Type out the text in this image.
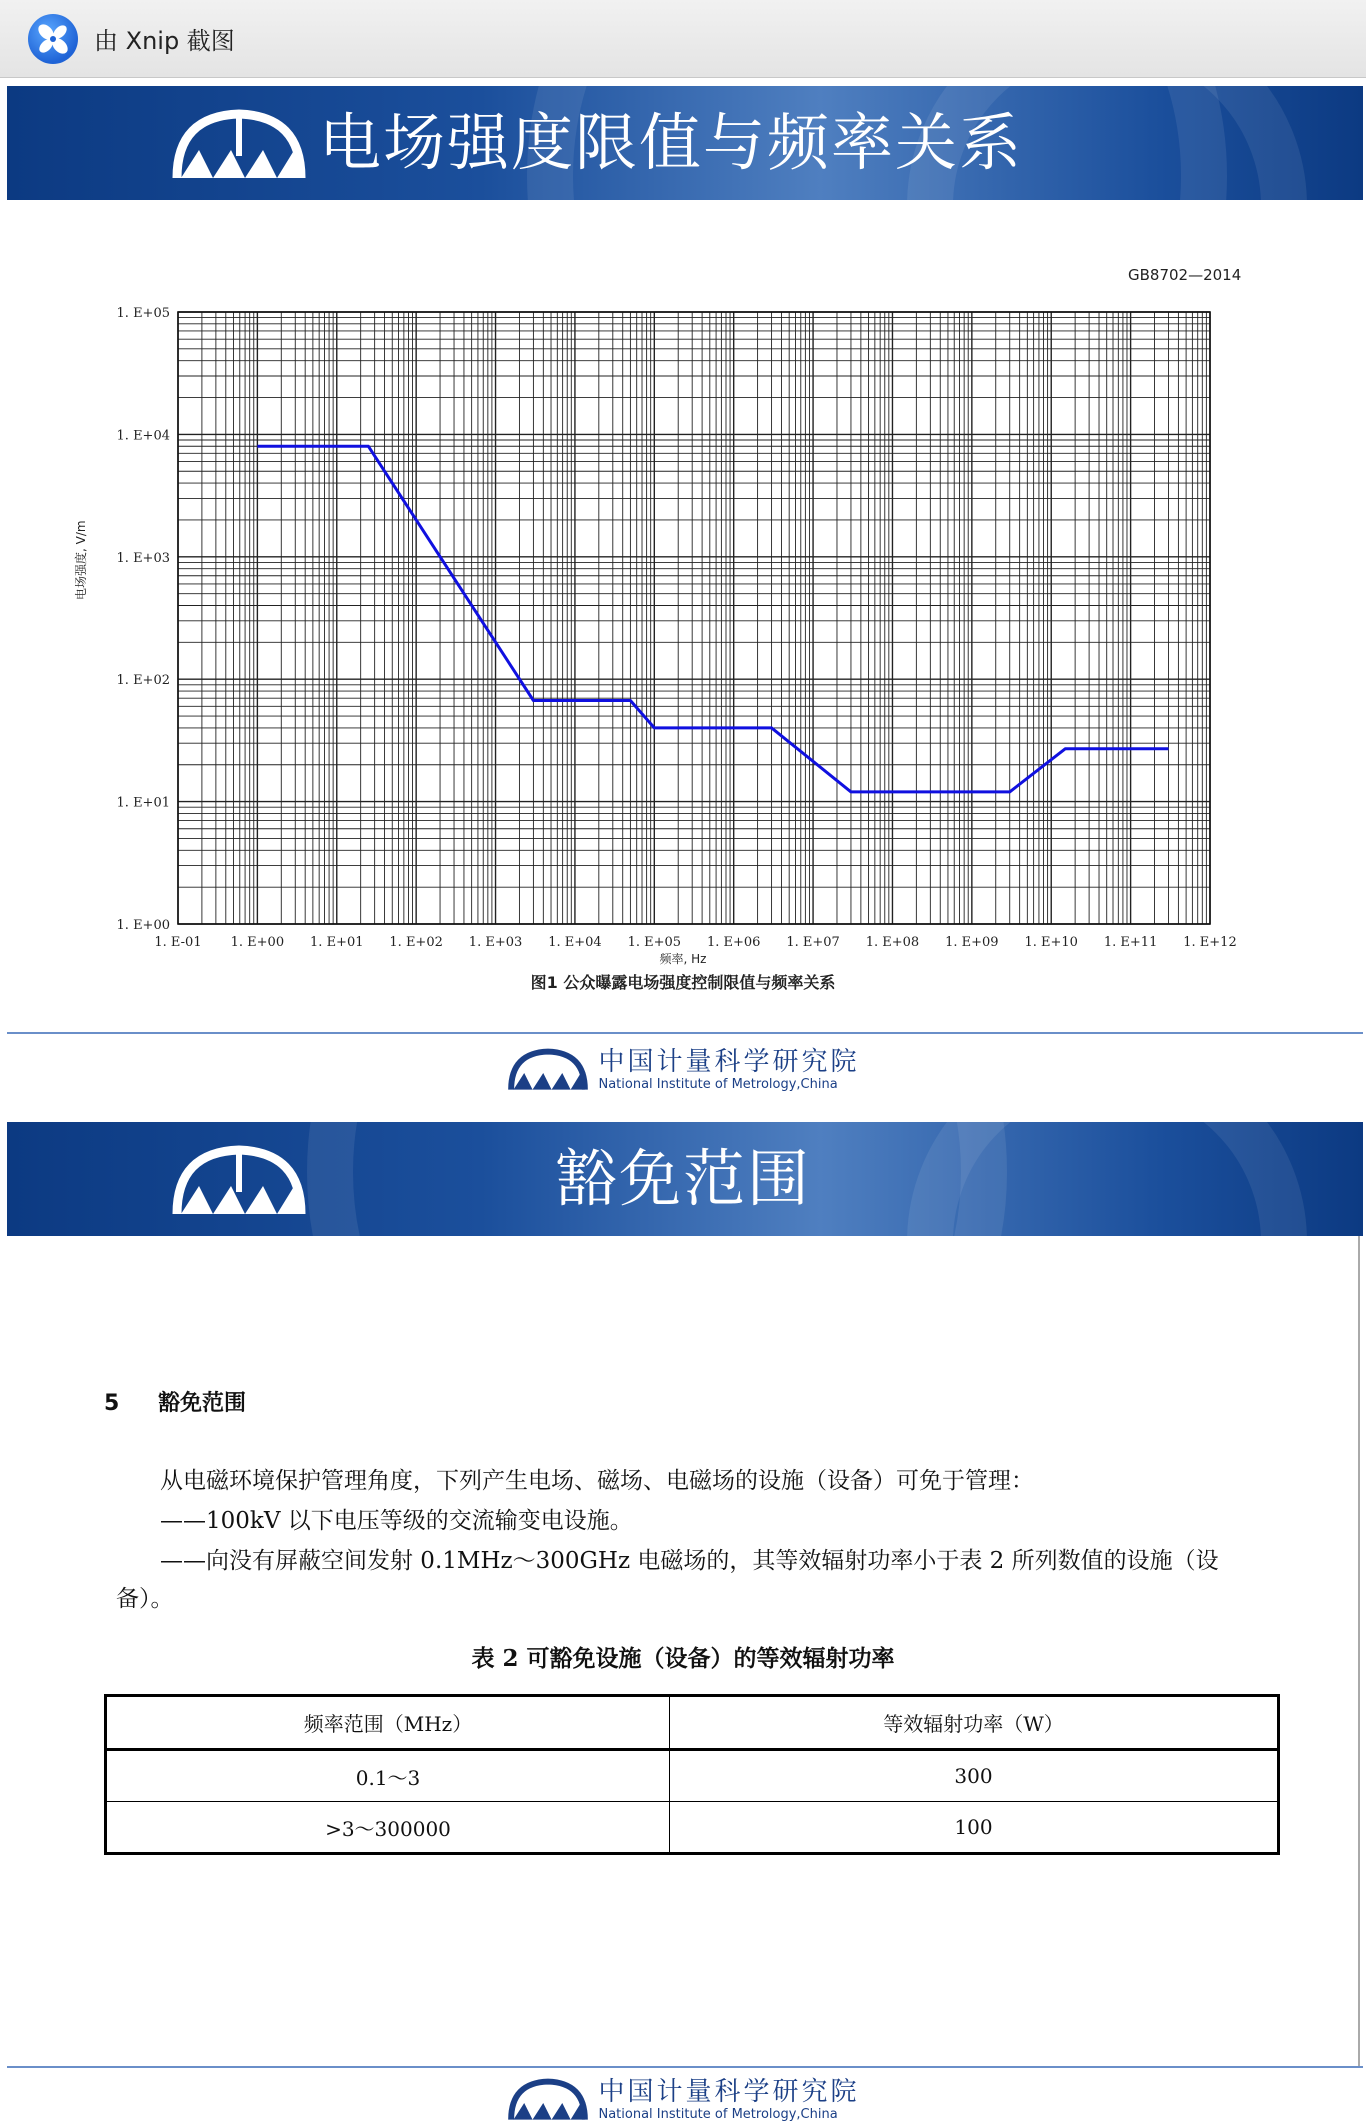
由 Xnip 截图
电场强度限值与频率关系
GB8702—2014
1. E-01 1. E+00 1. E+01 1. E+02 1. E+03 1. E+04 1. E+05 1. E+06 1. E+07 1. E+08 1. E+09 1. E+10 1. E+11 1. E+12
1. E+00
1. E+01
1. E+02
1. E+03
1. E+04
1. E+05
电场强度, V/m
频率, Hz
图1 公众曝露电场强度控制限值与频率关系
中国计量科学研究院
National Institute of Metrology,China
豁免范围
5 豁免范围
从电磁环境保护管理角度，下列产生电场、磁场、电磁场的设施（设备）可免于管理：
——100kV 以下电压等级的交流输变电设施。
——向没有屏蔽空间发射 0.1MHz～300GHz 电磁场的，其等效辐射功率小于表 2 所列数值的设施（设备）。
表 2 可豁免设施（设备）的等效辐射功率
频率范围（MHz）	等效辐射功率（W）
0.1～3	300
>3～300000	100
中国计量科学研究院
National Institute of Metrology,China
